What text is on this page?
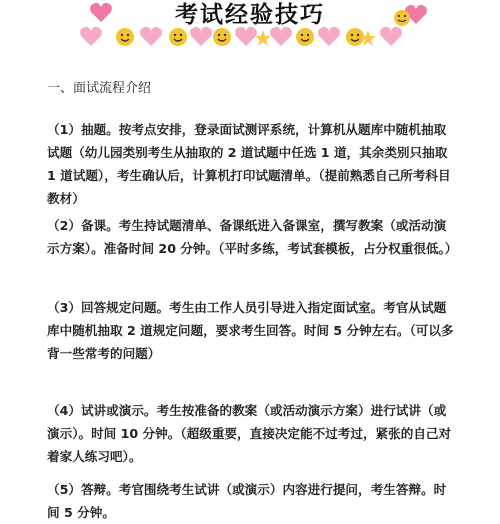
考试经验技巧
一、面试流程介绍
（1）抽题。按考点安排，登录面试测评系统，计算机从题库中随机抽取试题（幼儿园类别考生从抽取的 2 道试题中任选 1 道，其余类别只抽取 1 道试题），考生确认后，计算机打印试题清单。（提前熟悉自己所考科目教材）
（2）备课。考生持试题清单、备课纸进入备课室，撰写教案（或活动演示方案）。准备时间 20 分钟。（平时多练，考试套模板，占分权重很低。）
（3）回答规定问题。考生由工作人员引导进入指定面试室。考官从试题库中随机抽取 2 道规定问题，要求考生回答。时间 5 分钟左右。（可以多背一些常考的问题）
（4）试讲或演示。考生按准备的教案（或活动演示方案）进行试讲（或演示）。时间 10 分钟。（超级重要，直接决定能不过考过，紧张的自己对着家人练习吧）。
（5）答辩。考官围绕考生试讲（或演示）内容进行提问，考生答辩。时间 5 分钟。
